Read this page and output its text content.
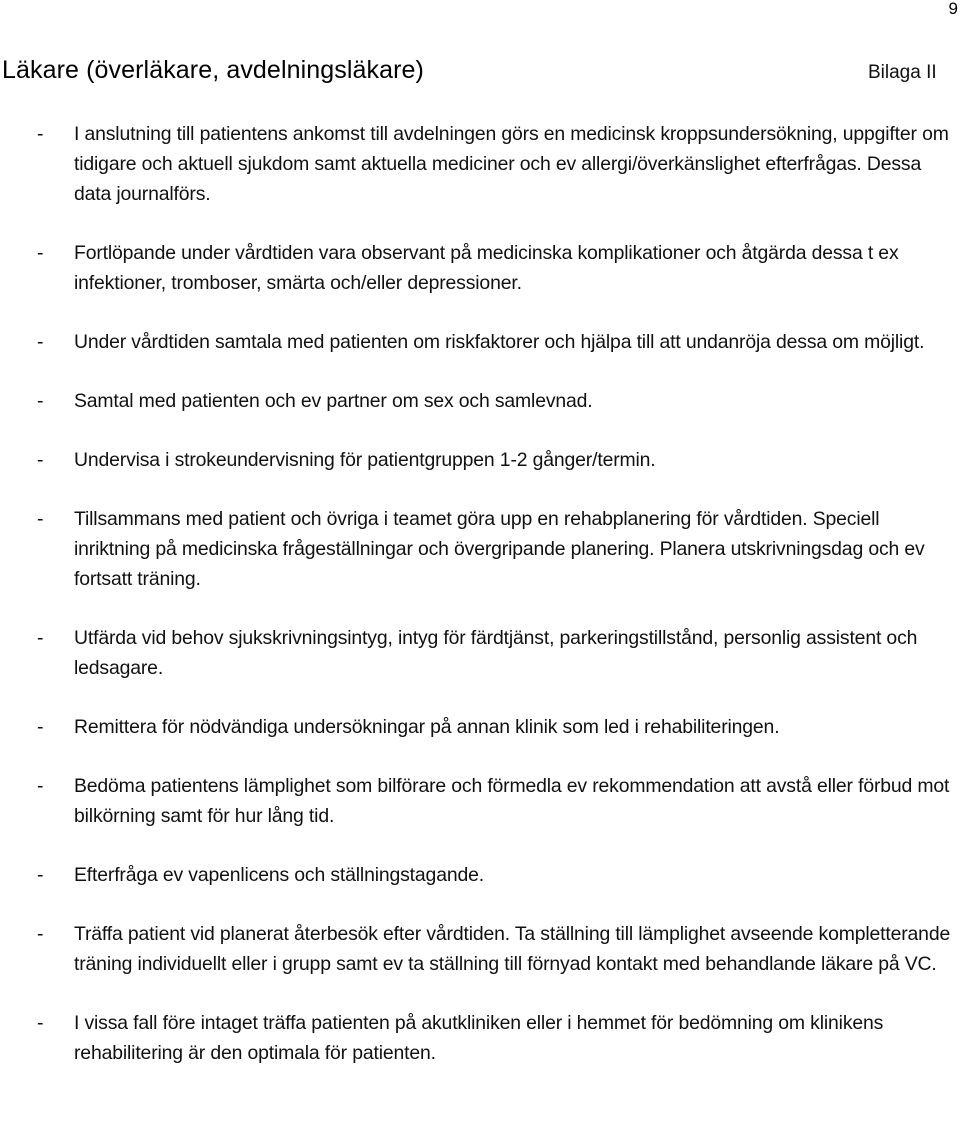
9
Läkare (överläkare, avdelningsläkare)	Bilaga II
- I anslutning till patientens ankomst till avdelningen görs en medicinsk kroppsundersökning, uppgifter om tidigare och aktuell sjukdom samt aktuella mediciner och ev allergi/överkänslighet efterfrågas. Dessa data journalförs.
- Fortlöpande under vårdtiden vara observant på medicinska komplikationer och åtgärda dessa t ex infektioner, tromboser, smärta och/eller depressioner.
- Under vårdtiden samtala med patienten om riskfaktorer och hjälpa till att undanröja dessa om möjligt.
- Samtal med patienten och ev partner om sex och samlevnad.
- Undervisa i strokeundervisning för patientgruppen 1-2 gånger/termin.
- Tillsammans med patient och övriga i teamet göra upp en rehabplanering för vårdtiden. Speciell inriktning på medicinska frågeställningar och övergripande planering. Planera utskrivningsdag och ev fortsatt träning.
- Utfärda vid behov sjukskrivningsintyg, intyg för färdtjänst, parkeringstillstånd, personlig assistent och ledsagare.
- Remittera för nödvändiga undersökningar på annan klinik som led i rehabiliteringen.
- Bedöma patientens lämplighet som bilförare och förmedla ev rekommendation att avstå eller förbud mot bilkörning samt för hur lång tid.
- Efterfråga ev vapenlicens och ställningstagande.
- Träffa patient vid planerat återbesök efter vårdtiden. Ta ställning till lämplighet avseende kompletterande träning individuellt eller i grupp samt ev ta ställning till förnyad kontakt med behandlande läkare på VC.
- I vissa fall före intaget träffa patienten på akutkliniken eller i hemmet för bedömning om klinikens rehabilitering är den optimala för patienten.
